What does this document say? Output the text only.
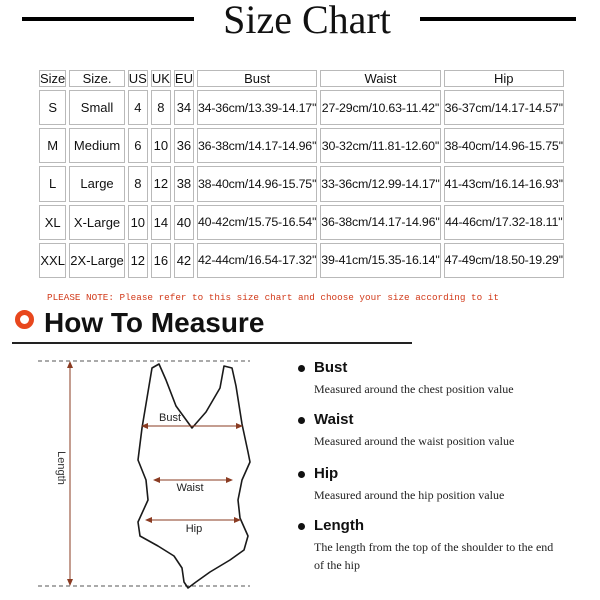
Size Chart
Size	Size.	US	UK	EU	Bust	Waist	Hip
S	Small	4	8	34	34-36cm/13.39-14.17''	27-29cm/10.63-11.42''	36-37cm/14.17-14.57''
M	Medium	6	10	36	36-38cm/14.17-14.96''	30-32cm/11.81-12.60''	38-40cm/14.96-15.75''
L	Large	8	12	38	38-40cm/14.96-15.75''	33-36cm/12.99-14.17''	41-43cm/16.14-16.93''
XL	X-Large	10	14	40	40-42cm/15.75-16.54''	36-38cm/14.17-14.96''	44-46cm/17.32-18.11''
XXL	2X-Large	12	16	42	42-44cm/16.54-17.32''	39-41cm/15.35-16.14''	47-49cm/18.50-19.29''
PLEASE NOTE: Please refer to this size chart and choose your size according to it
How To Measure
Length
Bust
Waist
Hip
Bust
Measured around the chest position value
Waist
Measured around the waist position value
Hip
Measured around the hip position value
Length
The length from the top of the shoulder to the end of the hip
